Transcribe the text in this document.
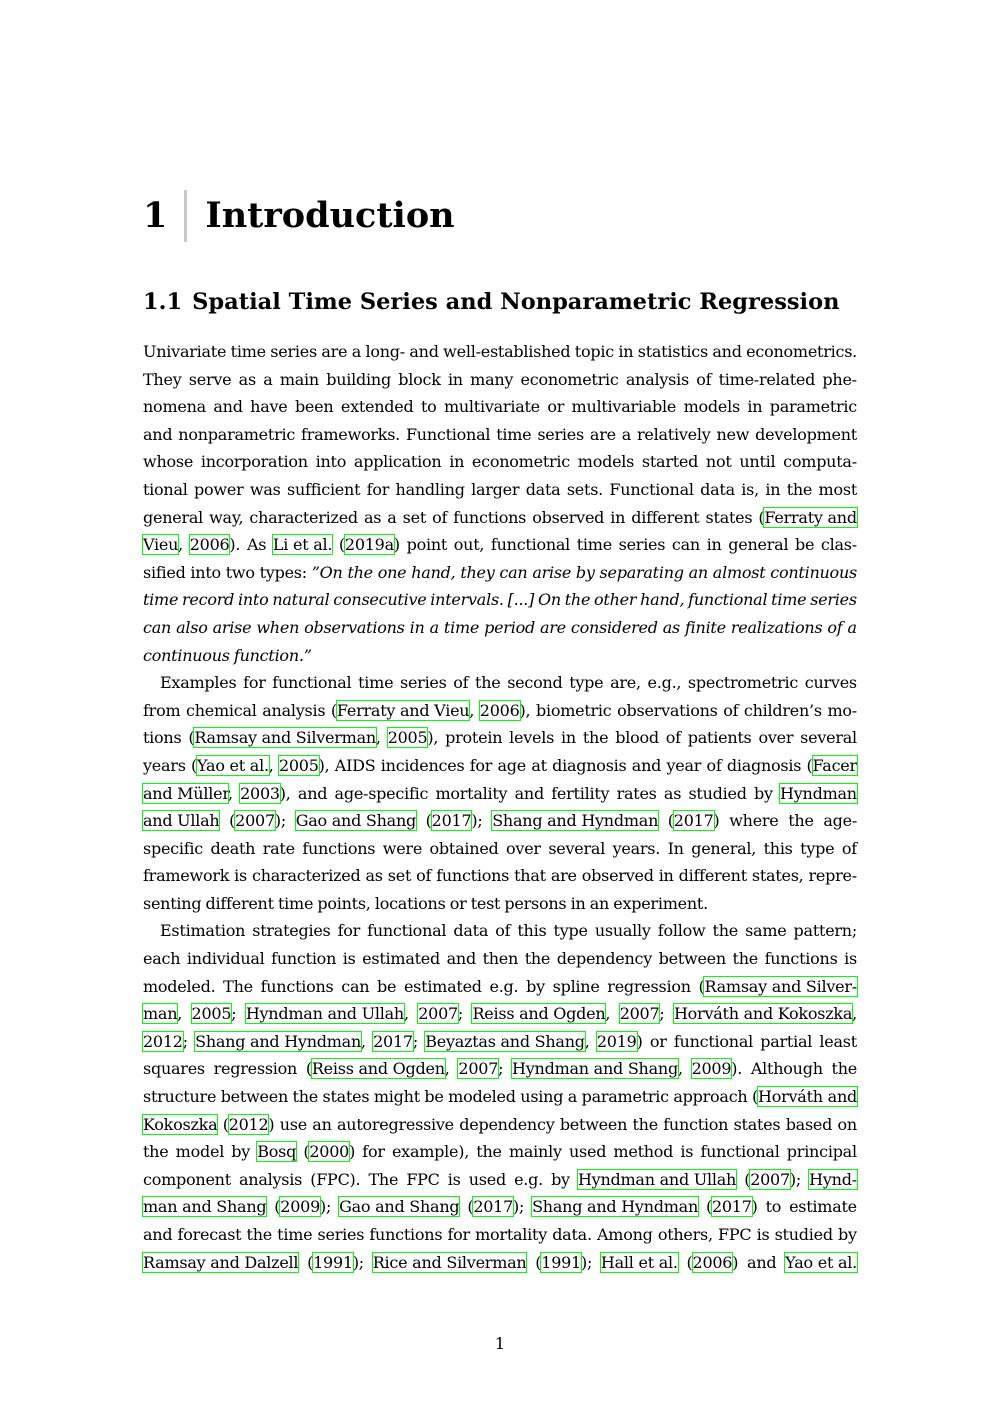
1 Introduction
1.1 Spatial Time Series and Nonparametric Regression
Univariate time series are a long- and well-established topic in statistics and econometrics.
They serve as a main building block in many econometric analysis of time-related phe-
nomena and have been extended to multivariate or multivariable models in parametric
and nonparametric frameworks. Functional time series are a relatively new development
whose incorporation into application in econometric models started not until computa-
tional power was sufficient for handling larger data sets. Functional data is, in the most
general way, characterized as a set of functions observed in different states (Ferraty and
Vieu, 2006). As Li et al. (2019a) point out, functional time series can in general be clas-
sified into two types: ”On the one hand, they can arise by separating an almost continuous
time record into natural consecutive intervals. [...] On the other hand, functional time series
can also arise when observations in a time period are considered as finite realizations of a
continuous function.”
Examples for functional time series of the second type are, e.g., spectrometric curves
from chemical analysis (Ferraty and Vieu, 2006), biometric observations of children’s mo-
tions (Ramsay and Silverman, 2005), protein levels in the blood of patients over several
years (Yao et al., 2005), AIDS incidences for age at diagnosis and year of diagnosis (Facer
and Müller, 2003), and age-specific mortality and fertility rates as studied by Hyndman
and Ullah (2007); Gao and Shang (2017); Shang and Hyndman (2017) where the age-
specific death rate functions were obtained over several years. In general, this type of
framework is characterized as set of functions that are observed in different states, repre-
senting different time points, locations or test persons in an experiment.
Estimation strategies for functional data of this type usually follow the same pattern;
each individual function is estimated and then the dependency between the functions is
modeled. The functions can be estimated e.g. by spline regression (Ramsay and Silver-
man, 2005; Hyndman and Ullah, 2007; Reiss and Ogden, 2007; Horváth and Kokoszka,
2012; Shang and Hyndman, 2017; Beyaztas and Shang, 2019) or functional partial least
squares regression (Reiss and Ogden, 2007; Hyndman and Shang, 2009). Although the
structure between the states might be modeled using a parametric approach (Horváth and
Kokoszka (2012) use an autoregressive dependency between the function states based on
the model by Bosq (2000) for example), the mainly used method is functional principal
component analysis (FPC). The FPC is used e.g. by Hyndman and Ullah (2007); Hynd-
man and Shang (2009); Gao and Shang (2017); Shang and Hyndman (2017) to estimate
and forecast the time series functions for mortality data. Among others, FPC is studied by
Ramsay and Dalzell (1991); Rice and Silverman (1991); Hall et al. (2006) and Yao et al.
1
